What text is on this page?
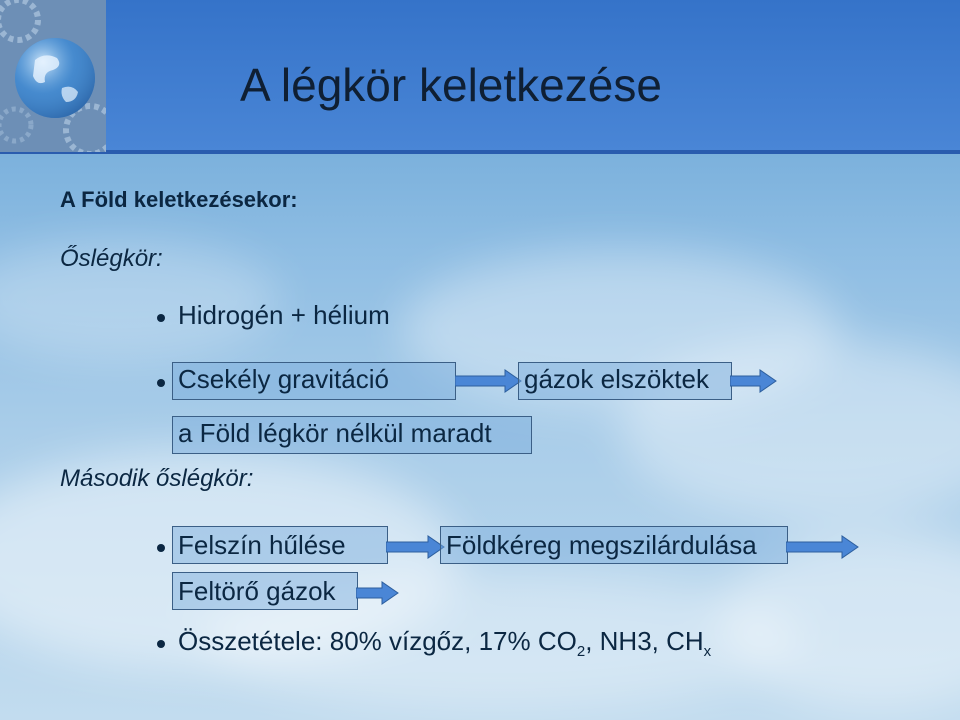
A légkör keletkezése
A Föld keletkezésekor:
Őslégkör:
Hidrogén + hélium
Csekély gravitáció	gázok elszöktek
a Föld légkör nélkül maradt
Második őslégkör:
Felszín hűlése	Földkéreg megszilárdulása
Feltörő gázok
Összetétele: 80% vízgőz, 17% $CO_2$, NH3, $CH_x$
